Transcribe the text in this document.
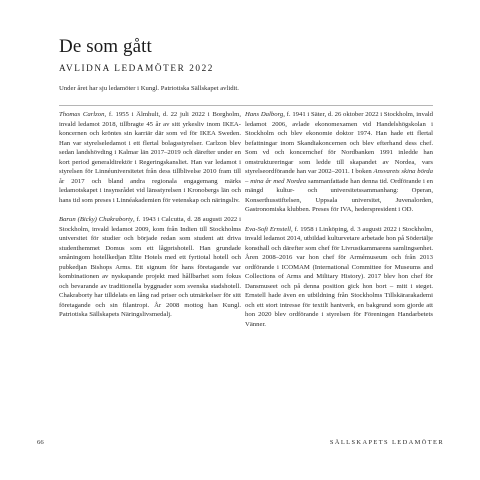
De som gått
AVLIDNA LEDAMÖTER 2022
Under året har sju ledamöter i Kungl. Patriotiska Sällskapet avlidit.

Thomas Carlzon, f. 1955 i Älmhult, d. 22 juli 2022 i Borgholm, invald ledamot 2018, tillbragte 45 år av sitt yrkesliv inom IKEA-koncernen och kröntes sin karriär där som vd för IKEA Sweden. Han var styrelseledamot i ett flertal bolagsstyrelser. Carlzon blev sedan landshövding i Kalmar län 2017–2019 och därefter under en kort period generaldirektör i Regeringskansliet. Han var ledamot i styrelsen för Linnéuniversitetet från dess tillblivelse 2010 fram till år 2017 och bland andra regionala engagemang märks ledamotskapet i insynsrådet vid länsstyrelsen i Kronobergs län och hans tid som preses i Linnéakademien för vetenskap och näringsliv.

Barun (Bicky) Chakraborty, f. 1943 i Calcutta, d. 28 augusti 2022 i Stockholm, invald ledamot 2009, kom från Indien till Stockholms universitet för studier och började redan som student att driva studenthemmet Domus som ett lågprishotell. Han grundade småningom hotellkedjan Elite Hotels med ett fyrtiotal hotell och pubkedjan Bishops Arms. Ett signum för hans företagande var kombinationen av nyskapande projekt med hållbarhet som fokus och bevarande av traditionella byggnader som svenska stadshotell. Chakraborty har tilldelats en lång rad priser och utmärkelser för sitt företagande och sin filantropi. År 2008 mottog han Kungl. Patriotiska Sällskapets Näringslivsmedalj.

Hans Dalborg, f. 1941 i Säter, d. 26 oktober 2022 i Stockholm, invald ledamot 2006, avlade ekonomexamen vid Handelshögskolan i Stockholm och blev ekonomie doktor 1974. Han hade ett flertal befattningar inom Skandiakoncernen och blev efterhand dess chef. Som vd och koncernchef för Nordbanken 1991 inledde han omstruktureringar som ledde till skapandet av Nordea, vars styrelseordförande han var 2002–2011. I boken Ansvarets skina börda – mina år med Nordea sammanfattade han denna tid. Ordförande i en mängd kultur- och universitetssammanhang: Operan, Konserthusstiftelsen, Uppsala universitet, Juvenalorden, Gastronomiska klubben. Preses för IVA, hederspresident i OD.

Eva-Sofi Ernstell, f. 1958 i Linköping, d. 3 augusti 2022 i Stockholm, invald ledamot 2014, utbildad kulturvetare arbetade hon på Södertälje konsthall och därefter som chef för Livrustkammarens samlingsenhet. Åren 2008–2016 var hon chef för Armémuseum och från 2013 ordförande i ICOMAM (International Committee for Museums and Collections of Arms and Military History). 2017 blev hon chef för Dansmuseet och på denna position gick hon bort – mitt i steget. Ernstell hade även en utbildning från Stockholms Tillskärarakademi och ett stort intresse för textilt hantverk, en bakgrund som gjorde att hon 2020 blev ordförande i styrelsen för Föreningen Handarbetets Vänner.

66	SÄLLSKAPETS LEDAMÖTER
